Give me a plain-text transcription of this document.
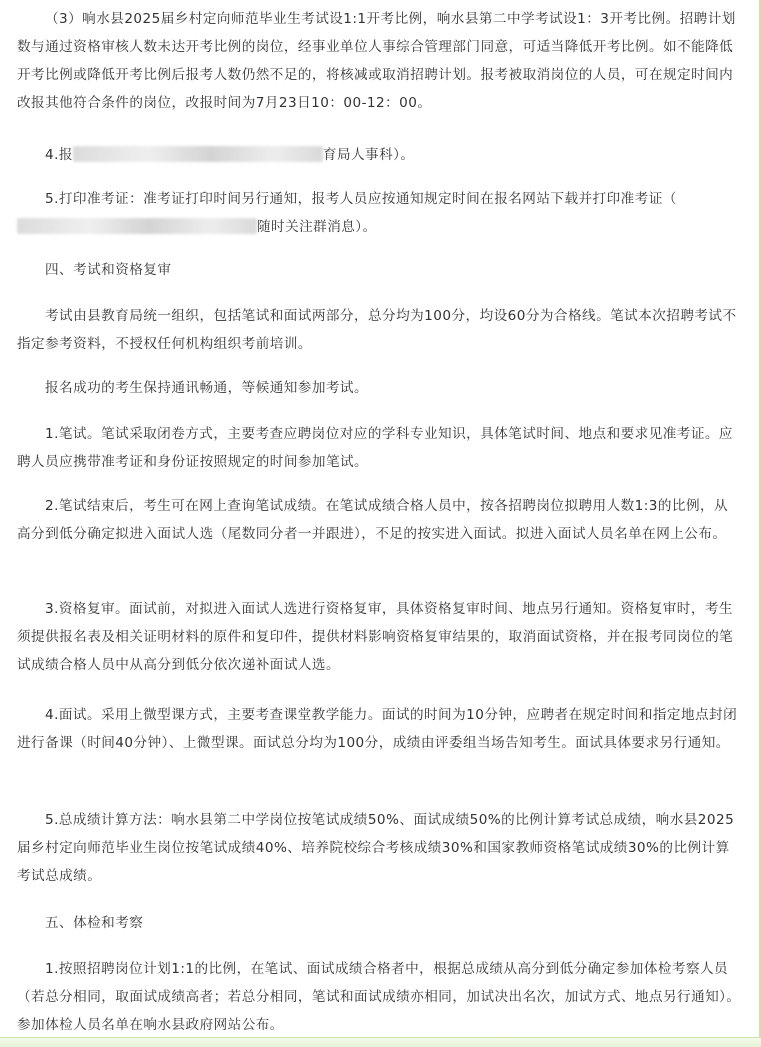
（3）响水县2025届乡村定向师范毕业生考试设1:1开考比例，响水县第二中学考试设1：3开考比例。招聘计划数与通过资格审核人数未达开考比例的岗位，经事业单位人事综合管理部门同意，可适当降低开考比例。如不能降低开考比例或降低开考比例后报考人数仍然不足的，将核减或取消招聘计划。报考被取消岗位的人员，可在规定时间内改报其他符合条件的岗位，改报时间为7月23日10：00-12：00。

4.报	育局人事科）。

5.打印准考证：准考证打印时间另行通知，报考人员应按通知规定时间在报名网站下载并打印准考证（随时关注群消息）。

四、考试和资格复审

考试由县教育局统一组织，包括笔试和面试两部分，总分均为100分，均设60分为合格线。笔试本次招聘考试不指定参考资料，不授权任何机构组织考前培训。

报名成功的考生保持通讯畅通，等候通知参加考试。

1.笔试。笔试采取闭卷方式，主要考查应聘岗位对应的学科专业知识，具体笔试时间、地点和要求见准考证。应聘人员应携带准考证和身份证按照规定的时间参加笔试。

2.笔试结束后，考生可在网上查询笔试成绩。在笔试成绩合格人员中，按各招聘岗位拟聘用人数1:3的比例，从高分到低分确定拟进入面试人选（尾数同分者一并跟进），不足的按实进入面试。拟进入面试人员名单在网上公布。

3.资格复审。面试前，对拟进入面试人选进行资格复审，具体资格复审时间、地点另行通知。资格复审时，考生须提供报名表及相关证明材料的原件和复印件，提供材料影响资格复审结果的，取消面试资格，并在报考同岗位的笔试成绩合格人员中从高分到低分依次递补面试人选。

4.面试。采用上微型课方式，主要考查课堂教学能力。面试的时间为10分钟，应聘者在规定时间和指定地点封闭进行备课（时间40分钟）、上微型课。面试总分均为100分，成绩由评委组当场告知考生。面试具体要求另行通知。

5.总成绩计算方法：响水县第二中学岗位按笔试成绩50%、面试成绩50%的比例计算考试总成绩，响水县2025届乡村定向师范毕业生岗位按笔试成绩40%、培养院校综合考核成绩30%和国家教师资格笔试成绩30%的比例计算考试总成绩。

五、体检和考察

1.按照招聘岗位计划1:1的比例，在笔试、面试成绩合格者中，根据总成绩从高分到低分确定参加体检考察人员（若总分相同，取面试成绩高者；若总分相同，笔试和面试成绩亦相同，加试决出名次，加试方式、地点另行通知）。参加体检人员名单在响水县政府网站公布。
